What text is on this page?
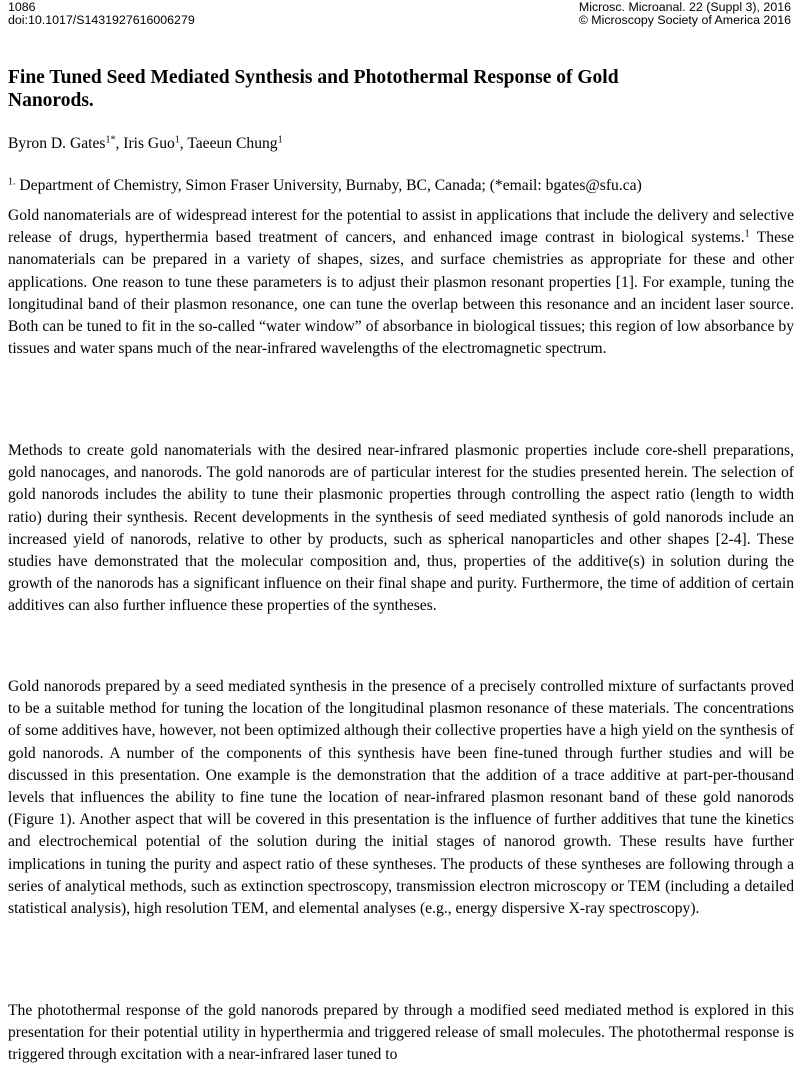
1086	Microsc. Microanal. 22 (Suppl 3), 2016
doi:10.1017/S1431927616006279	© Microscopy Society of America 2016
Fine Tuned Seed Mediated Synthesis and Photothermal Response of Gold Nanorods.
Byron D. Gates$^{1*}$, Iris Guo$^1$, Taeeun Chung$^1$
$^{1.}$ Department of Chemistry, Simon Fraser University, Burnaby, BC, Canada; (*email: bgates@sfu.ca)

Gold nanomaterials are of widespread interest for the potential to assist in applications that include the delivery and selective release of drugs, hyperthermia based treatment of cancers, and enhanced image contrast in biological systems.$^1$ These nanomaterials can be prepared in a variety of shapes, sizes, and surface chemistries as appropriate for these and other applications. One reason to tune these parameters is to adjust their plasmon resonant properties [1]. For example, tuning the longitudinal band of their plasmon resonance, one can tune the overlap between this resonance and an incident laser source. Both can be tuned to fit in the so-called “water window” of absorbance in biological tissues; this region of low absorbance by tissues and water spans much of the near-infrared wavelengths of the electromagnetic spectrum.

Methods to create gold nanomaterials with the desired near-infrared plasmonic properties include core-shell preparations, gold nanocages, and nanorods. The gold nanorods are of particular interest for the studies presented herein. The selection of gold nanorods includes the ability to tune their plasmonic properties through controlling the aspect ratio (length to width ratio) during their synthesis. Recent developments in the synthesis of seed mediated synthesis of gold nanorods include an increased yield of nanorods, relative to other by products, such as spherical nanoparticles and other shapes [2-4]. These studies have demonstrated that the molecular composition and, thus, properties of the additive(s) in solution during the growth of the nanorods has a significant influence on their final shape and purity. Furthermore, the time of addition of certain additives can also further influence these properties of the syntheses.

Gold nanorods prepared by a seed mediated synthesis in the presence of a precisely controlled mixture of surfactants proved to be a suitable method for tuning the location of the longitudinal plasmon resonance of these materials. The concentrations of some additives have, however, not been optimized although their collective properties have a high yield on the synthesis of gold nanorods. A number of the components of this synthesis have been fine-tuned through further studies and will be discussed in this presentation. One example is the demonstration that the addition of a trace additive at part-per-thousand levels that influences the ability to fine tune the location of near-infrared plasmon resonant band of these gold nanorods (Figure 1). Another aspect that will be covered in this presentation is the influence of further additives that tune the kinetics and electrochemical potential of the solution during the initial stages of nanorod growth. These results have further implications in tuning the purity and aspect ratio of these syntheses. The products of these syntheses are following through a series of analytical methods, such as extinction spectroscopy, transmission electron microscopy or TEM (including a detailed statistical analysis), high resolution TEM, and elemental analyses (e.g., energy dispersive X-ray spectroscopy).

The photothermal response of the gold nanorods prepared by through a modified seed mediated method is explored in this presentation for their potential utility in hyperthermia and triggered release of small molecules. The photothermal response is triggered through excitation with a near-infrared laser tuned to
